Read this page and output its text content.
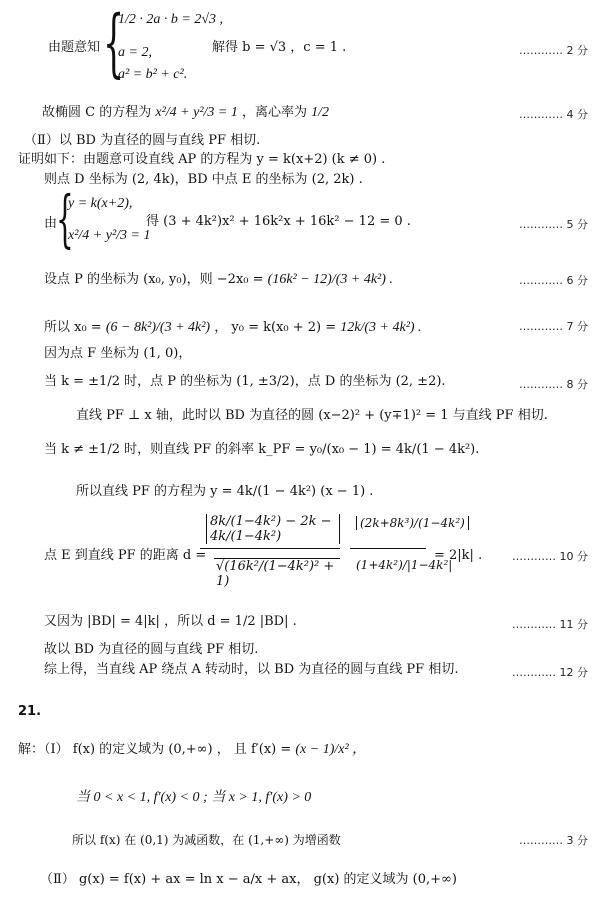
由题意知 {
1/2 · 2a · b = 2√3 ,
a = 2,
a² = b² + c².
解得 b = √3 ，c = 1 .	………… 2 分
故椭圆 C 的方程为 x²/4 + y²/3 = 1 ，离心率为 1/2	………… 4 分
（Ⅱ）以 BD 为直径的圆与直线 PF 相切.
证明如下：由题意可设直线 AP 的方程为 y = k(x+2) (k ≠ 0) .
则点 D 坐标为 (2, 4k)，BD 中点 E 的坐标为 (2, 2k) .
由
{
y = k(x+2),
x²/4 + y²/3 = 1
得 (3 + 4k²)x² + 16k²x + 16k² − 12 = 0 .	………… 5 分
设点 P 的坐标为 (x₀, y₀)，则 −2x₀ = (16k² − 12)/(3 + 4k²) .	………… 6 分
所以 x₀ = (6 − 8k²)/(3 + 4k²) ， y₀ = k(x₀ + 2) = 12k/(3 + 4k²) .	………… 7 分
因为点 F 坐标为 (1, 0)，
当 k = ±1/2 时，点 P 的坐标为 (1, ±3/2)，点 D 的坐标为 (2, ±2).	………… 8 分
直线 PF ⊥ x 轴，此时以 BD 为直径的圆 (x−2)² + (y∓1)² = 1 与直线 PF 相切.
当 k ≠ ±1/2 时，则直线 PF 的斜率 k_PF = y₀/(x₀ − 1) = 4k/(1 − 4k²).
所以直线 PF 的方程为 y = 4k/(1 − 4k²) (x − 1) .
点 E 到直线 PF 的距离 d =
$\frac{\text{8k/(1−4k²) − 2k − 4k/(1−4k²)}}{\text{√(16k²/(1−4k²)² + 1)}}$	(2k+8k³)/(1−4k²)
(1+4k²)/|1−4k²|
= 2|k| .	………… 10 分
又因为 |BD| = 4|k| ，所以 d = 1/2 |BD| .	………… 11 分
故以 BD 为直径的圆与直线 PF 相切.
综上得，当直线 AP 绕点 A 转动时，以 BD 为直径的圆与直线 PF 相切.	………… 12 分
21.
解：（Ⅰ） f(x) 的定义域为 (0,+∞) ， 且 f′(x) = (x − 1)/x² ，
当 0 < x < 1, f′(x) < 0 ; 当 x > 1, f′(x) > 0
所以 f(x) 在 (0,1) 为减函数，在 (1,+∞) 为增函数	………… 3 分
（Ⅱ） g(x) = f(x) + ax = ln x − a/x + ax， g(x) 的定义域为 (0,+∞)
